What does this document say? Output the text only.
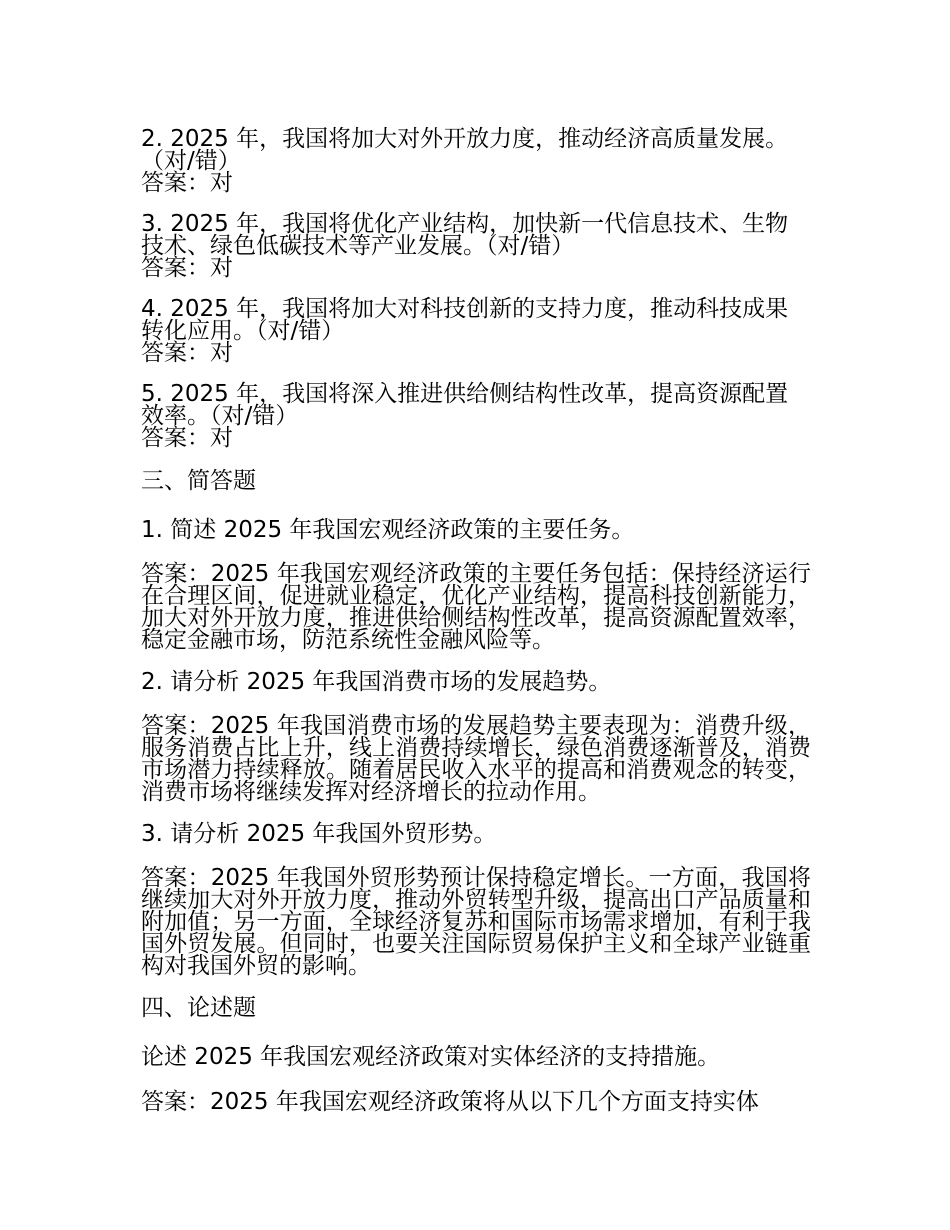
2. 2025 年，我国将加大对外开放力度，推动经济高质量发展。（对/错）

答案：对

3. 2025 年，我国将优化产业结构，加快新一代信息技术、生物技术、绿色低碳技术等产业发展。（对/错）

答案：对

4. 2025 年，我国将加大对科技创新的支持力度，推动科技成果转化应用。（对/错）

答案：对

5. 2025 年，我国将深入推进供给侧结构性改革，提高资源配置效率。（对/错）

答案：对

三、简答题

1. 简述 2025 年我国宏观经济政策的主要任务。

答案：2025 年我国宏观经济政策的主要任务包括：保持经济运行在合理区间，促进就业稳定，优化产业结构，提高科技创新能力，加大对外开放力度，推进供给侧结构性改革，提高资源配置效率，稳定金融市场，防范系统性金融风险等。

2. 请分析 2025 年我国消费市场的发展趋势。

答案：2025 年我国消费市场的发展趋势主要表现为：消费升级，服务消费占比上升，线上消费持续增长，绿色消费逐渐普及，消费市场潜力持续释放。随着居民收入水平的提高和消费观念的转变，消费市场将继续发挥对经济增长的拉动作用。

3. 请分析 2025 年我国外贸形势。

答案：2025 年我国外贸形势预计保持稳定增长。一方面，我国将继续加大对外开放力度，推动外贸转型升级，提高出口产品质量和附加值；另一方面，全球经济复苏和国际市场需求增加，有利于我国外贸发展。但同时，也要关注国际贸易保护主义和全球产业链重构对我国外贸的影响。

四、论述题

论述 2025 年我国宏观经济政策对实体经济的支持措施。

答案：2025 年我国宏观经济政策将从以下几个方面支持实体
